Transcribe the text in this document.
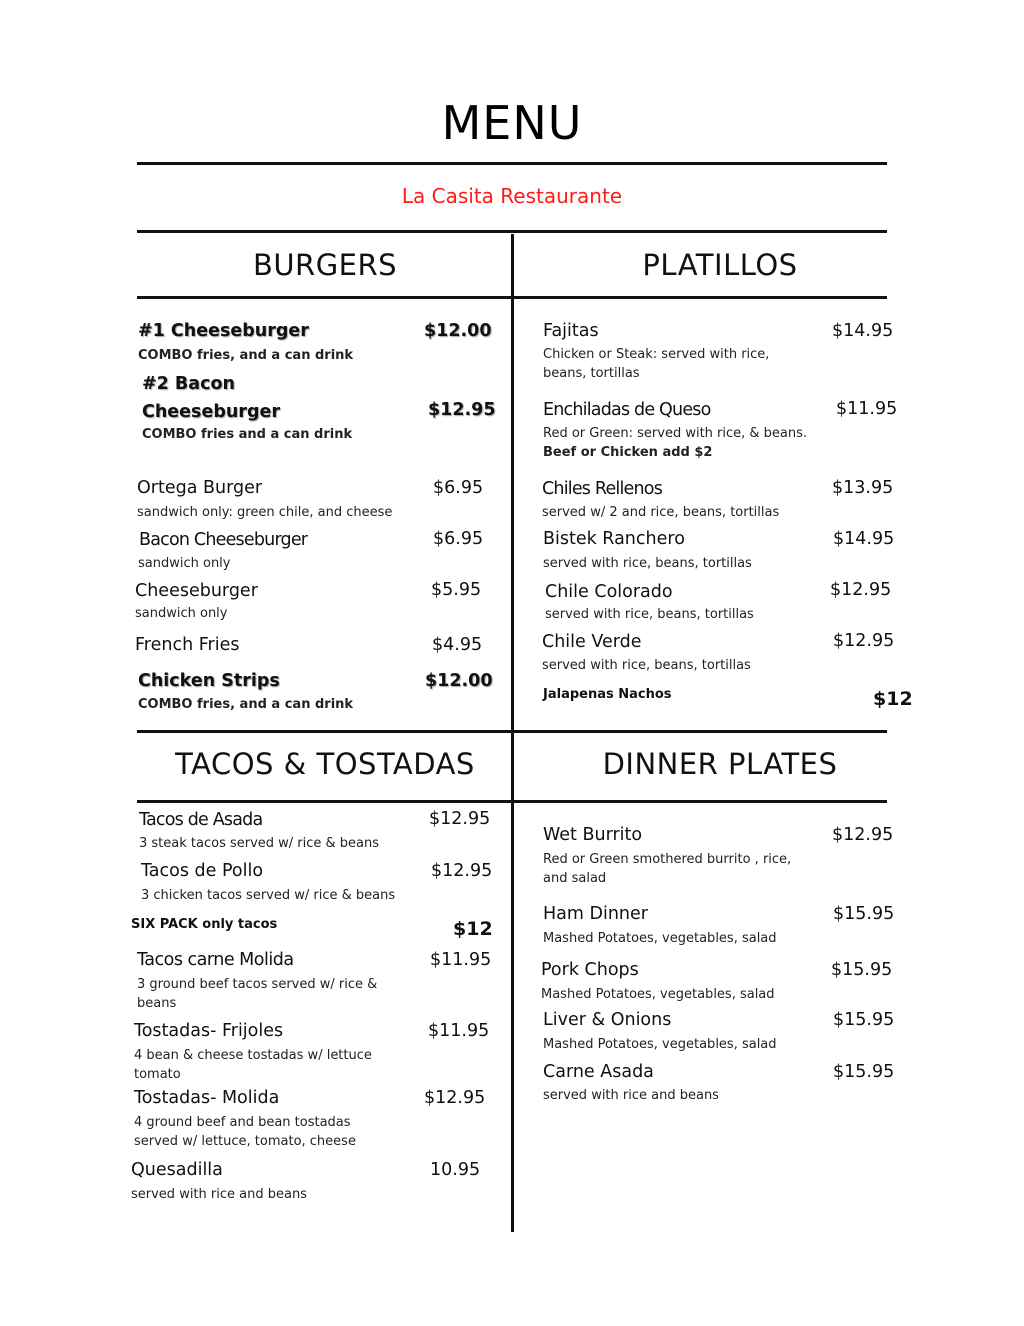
MENU
La Casita Restaurante
BURGERS	PLATILLOS
#1 Cheeseburger	$12.00
COMBO fries, and a can drink
#2 Bacon
Cheeseburger	$12.95
COMBO fries and a can drink
Ortega Burger	$6.95
sandwich only: green chile, and cheese
Bacon Cheeseburger	$6.95
sandwich only
Cheeseburger	$5.95
sandwich only
French Fries	$4.95
Chicken Strips	$12.00
COMBO fries, and a can drink
Fajitas	$14.95
Chicken or Steak: served with rice,
beans, tortillas
Enchiladas de Queso	$11.95
Red or Green: served with rice, & beans.
Beef or Chicken add $2
Chiles Rellenos	$13.95
served w/ 2 and rice, beans, tortillas
Bistek Ranchero	$14.95
served with rice, beans, tortillas
Chile Colorado	$12.95
served with rice, beans, tortillas
Chile Verde	$12.95
served with rice, beans, tortillas
Jalapenas Nachos	$12
TACOS & TOSTADAS	DINNER PLATES
Tacos de Asada	$12.95
3 steak tacos served w/ rice & beans
Tacos de Pollo	$12.95
3 chicken tacos served w/ rice & beans
SIX PACK only tacos	$12
Tacos carne Molida	$11.95
3 ground beef tacos served w/ rice &
beans
Tostadas- Frijoles	$11.95
4 bean & cheese tostadas w/ lettuce
tomato
Tostadas- Molida	$12.95
4 ground beef and bean tostadas
served w/ lettuce, tomato, cheese
Quesadilla	10.95
served with rice and beans
Wet Burrito	$12.95
Red or Green smothered burrito , rice,
and salad
Ham Dinner	$15.95
Mashed Potatoes, vegetables, salad
Pork Chops	$15.95
Mashed Potatoes, vegetables, salad
Liver & Onions	$15.95
Mashed Potatoes, vegetables, salad
Carne Asada	$15.95
served with rice and beans
